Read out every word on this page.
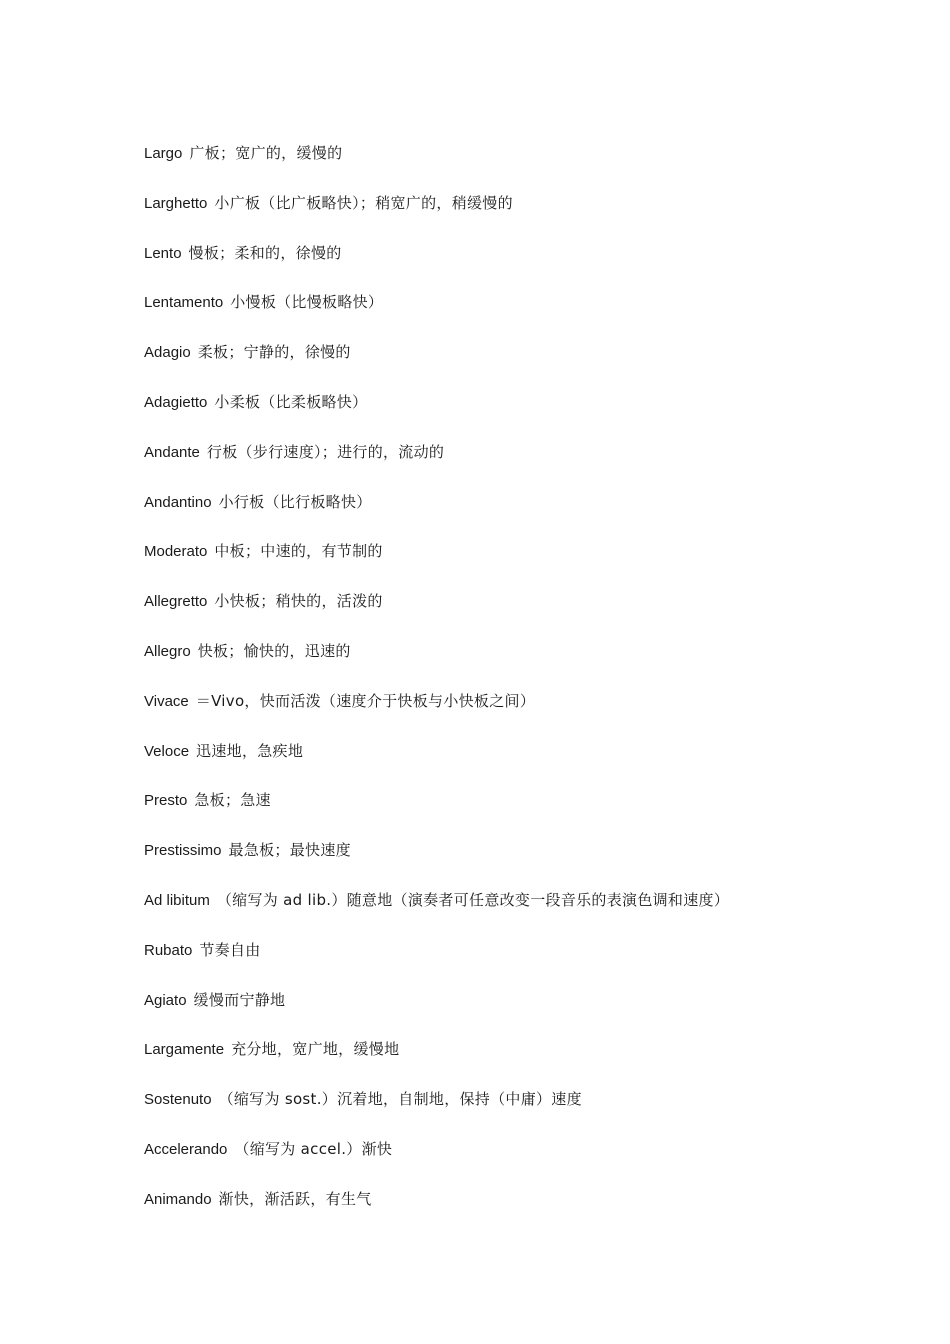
Largo 广板；宽广的，缓慢的
Larghetto 小广板（比广板略快）；稍宽广的，稍缓慢的
Lento 慢板；柔和的，徐慢的
Lentamento 小慢板（比慢板略快）
Adagio 柔板；宁静的，徐慢的
Adagietto 小柔板（比柔板略快）
Andante 行板（步行速度）；进行的，流动的
Andantino 小行板（比行板略快）
Moderato 中板；中速的，有节制的
Allegretto 小快板；稍快的，活泼的
Allegro 快板；愉快的，迅速的
Vivace ＝Vivo，快而活泼（速度介于快板与小快板之间）
Veloce 迅速地，急疾地
Presto 急板；急速
Prestissimo 最急板；最快速度
Ad libitum （缩写为 ad lib.）随意地（演奏者可任意改变一段音乐的表演色调和速度）
Rubato 节奏自由
Agiato 缓慢而宁静地
Largamente 充分地，宽广地，缓慢地
Sostenuto （缩写为 sost.）沉着地，自制地，保持（中庸）速度
Accelerando （缩写为 accel.）渐快
Animando 渐快，渐活跃，有生气
